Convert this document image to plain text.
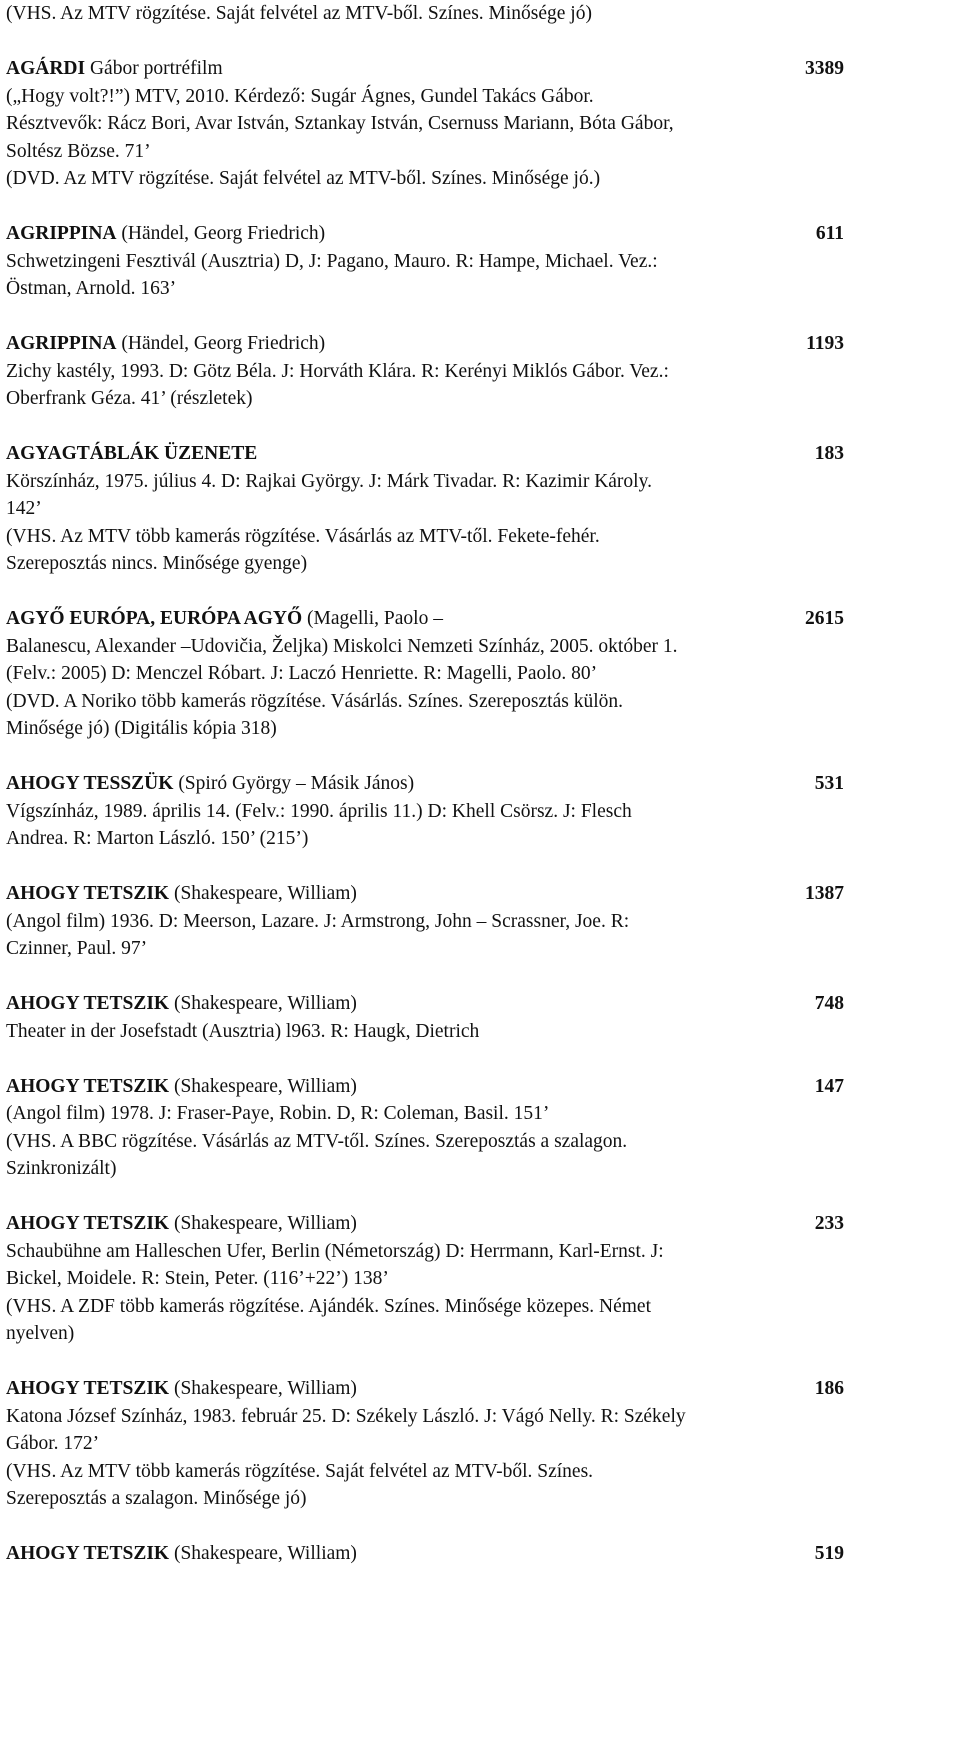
(VHS. Az MTV rögzítése. Saját felvétel az MTV-ből. Színes. Minősége jó)

AGÁRDI Gábor portréfilm	3389

(„Hogy volt?!”) MTV, 2010. Kérdező: Sugár Ágnes, Gundel Takács Gábor.

Résztvevők: Rácz Bori, Avar István, Sztankay István, Csernuss Mariann, Bóta Gábor,

Soltész Bözse. 71’

(DVD. Az MTV rögzítése. Saját felvétel az MTV-ből. Színes. Minősége jó.)

AGRIPPINA (Händel, Georg Friedrich)	611

Schwetzingeni Fesztivál (Ausztria) D, J: Pagano, Mauro. R: Hampe, Michael. Vez.:

Östman, Arnold. 163’

AGRIPPINA (Händel, Georg Friedrich)	1193

Zichy kastély, 1993. D: Götz Béla. J: Horváth Klára. R: Kerényi Miklós Gábor. Vez.:

Oberfrank Géza. 41’ (részletek)

AGYAGTÁBLÁK ÜZENETE	183

Körszínház, 1975. július 4. D: Rajkai György. J: Márk Tivadar. R: Kazimir Károly.

142’

(VHS. Az MTV több kamerás rögzítése. Vásárlás az MTV-től. Fekete-fehér.

Szereposztás nincs. Minősége gyenge)

AGYŐ EURÓPA, EURÓPA AGYŐ (Magelli, Paolo –	2615

Balanescu, Alexander –Udovičia, Željka) Miskolci Nemzeti Színház, 2005. október 1.

(Felv.: 2005) D: Menczel Róbart. J: Laczó Henriette. R: Magelli, Paolo. 80’

(DVD. A Noriko több kamerás rögzítése. Vásárlás. Színes. Szereposztás külön.

Minősége jó) (Digitális kópia 318)

AHOGY TESSZÜK (Spiró György – Másik János)	531

Vígszínház, 1989. április 14. (Felv.: 1990. április 11.) D: Khell Csörsz. J: Flesch

Andrea. R: Marton László. 150’ (215’)

AHOGY TETSZIK (Shakespeare, William)	1387

(Angol film) 1936. D: Meerson, Lazare. J: Armstrong, John – Scrassner, Joe. R:

Czinner, Paul. 97’

AHOGY TETSZIK (Shakespeare, William)	748

Theater in der Josefstadt (Ausztria) l963. R: Haugk, Dietrich

AHOGY TETSZIK (Shakespeare, William)	147

(Angol film) 1978. J: Fraser-Paye, Robin. D, R: Coleman, Basil. 151’

(VHS. A BBC rögzítése. Vásárlás az MTV-től. Színes. Szereposztás a szalagon.

Szinkronizált)

AHOGY TETSZIK (Shakespeare, William)	233

Schaubühne am Halleschen Ufer, Berlin (Németország) D: Herrmann, Karl-Ernst. J:

Bickel, Moidele. R: Stein, Peter. (116’+22’) 138’

(VHS. A ZDF több kamerás rögzítése. Ajándék. Színes. Minősége közepes. Német

nyelven)

AHOGY TETSZIK (Shakespeare, William)	186

Katona József Színház, 1983. február 25. D: Székely László. J: Vágó Nelly. R: Székely

Gábor. 172’

(VHS. Az MTV több kamerás rögzítése. Saját felvétel az MTV-ből. Színes.

Szereposztás a szalagon. Minősége jó)

AHOGY TETSZIK (Shakespeare, William)	519
